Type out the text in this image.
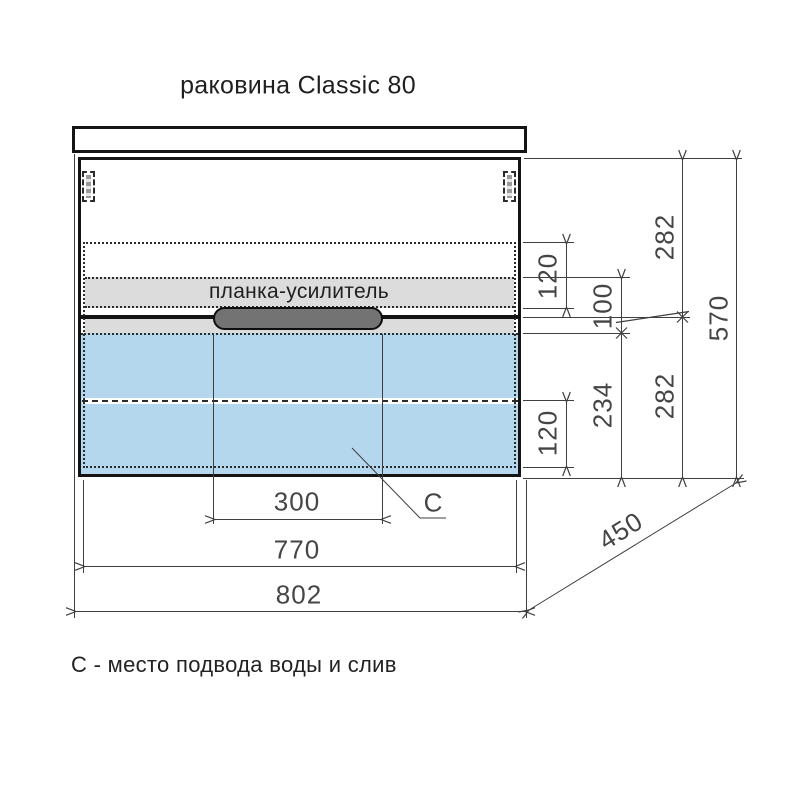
раковина Classic 80
планка-усилитель	120
100
282
570
234 282
120
300
770
802
450
C
С - место подвода воды и слив
